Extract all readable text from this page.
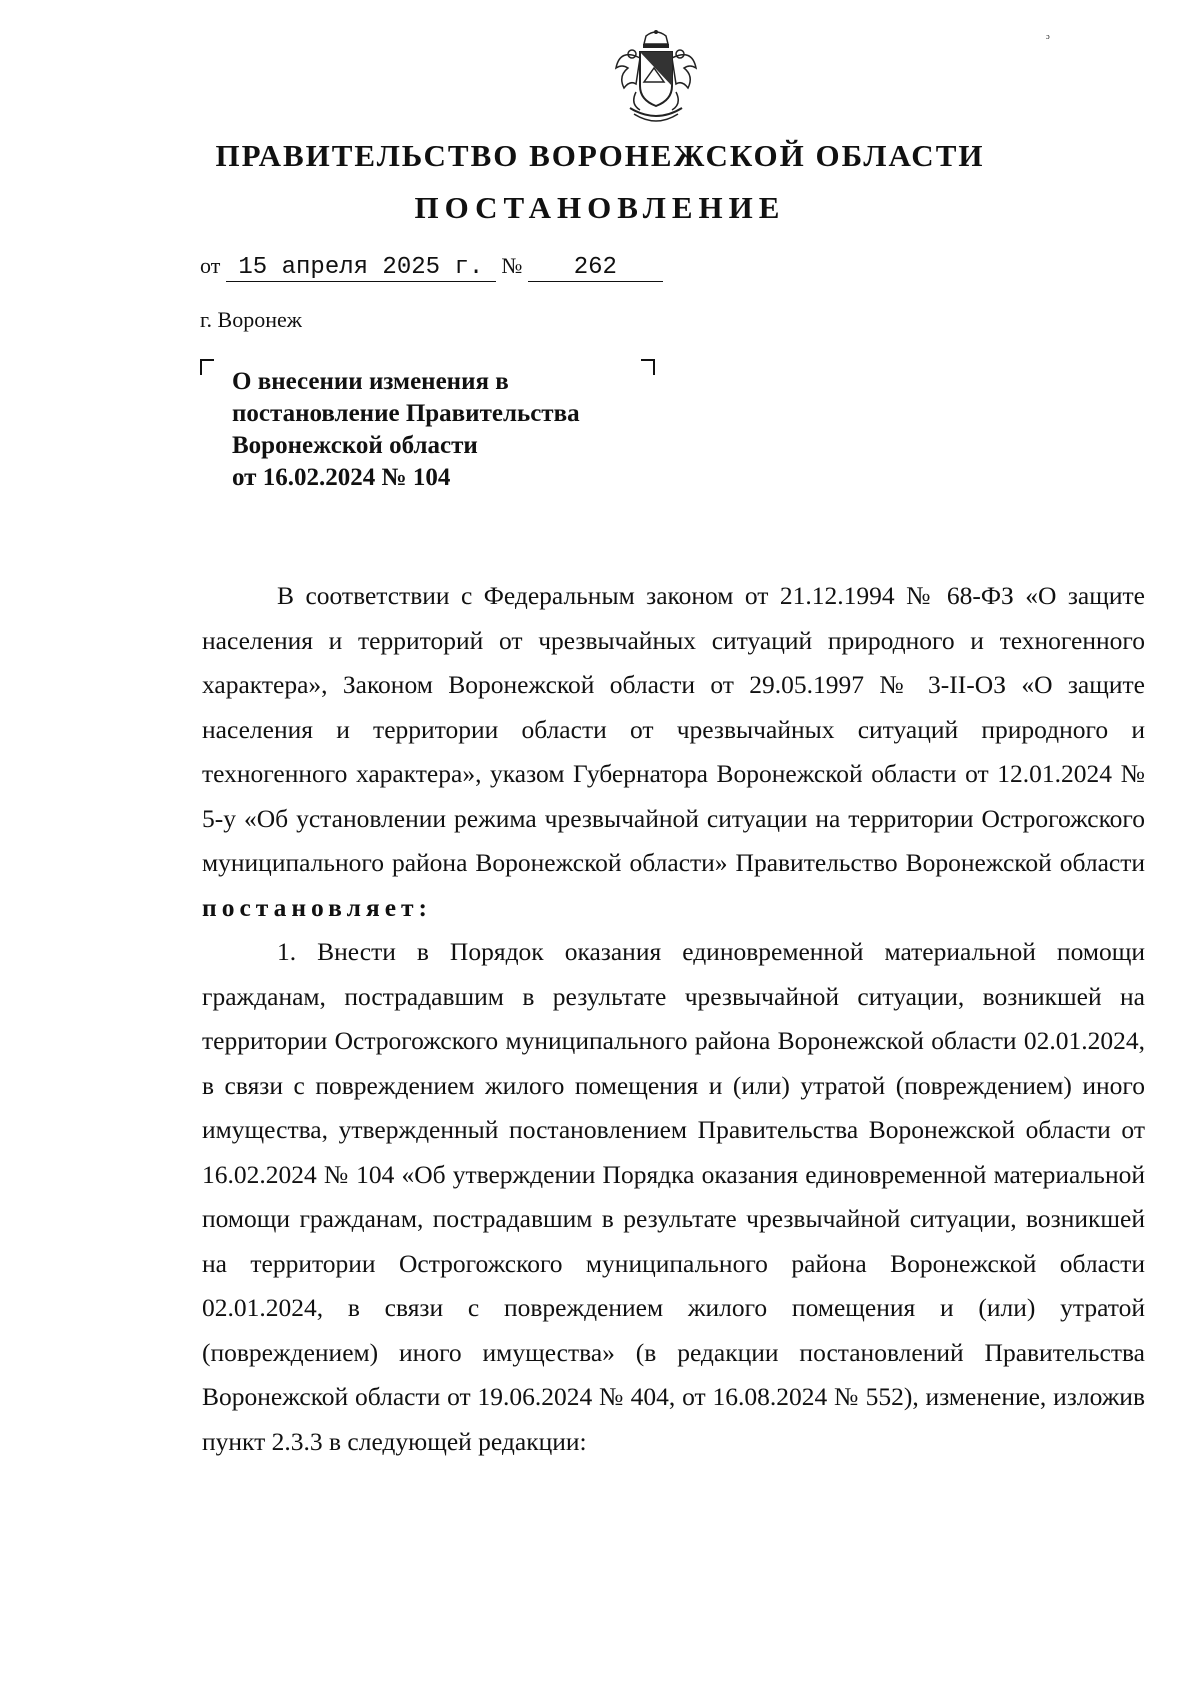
ᵓ
ПРАВИТЕЛЬСТВО ВОРОНЕЖСКОЙ ОБЛАСТИ
ПОСТАНОВЛЕНИЕ
от 15 апреля 2025 г. № 262
г. Воронеж
О внесении изменения в
постановление Правительства
Воронежской области
от 16.02.2024 № 104

В соответствии с Федеральным законом от 21.12.1994 № 68-ФЗ «О защите населения и территорий от чрезвычайных ситуаций природного и техногенного характера», Законом Воронежской области от 29.05.1997 № 3-II-ОЗ «О защите населения и территории области от чрезвычайных ситуаций природного и техногенного характера», указом Губернатора Воронежской области от 12.01.2024 № 5-у «Об установлении режима чрезвычайной ситуации на территории Острогожского муниципального района Воронежской области» Правительство Воронежской области постановляет:

1. Внести в Порядок оказания единовременной материальной помощи гражданам, пострадавшим в результате чрезвычайной ситуации, возникшей на территории Острогожского муниципального района Воронежской области 02.01.2024, в связи с повреждением жилого помещения и (или) утратой (повреждением) иного имущества, утвержденный постановлением Правительства Воронежской области от 16.02.2024 № 104 «Об утверждении Порядка оказания единовременной материальной помощи гражданам, пострадавшим в результате чрезвычайной ситуации, возникшей на территории Острогожского муниципального района Воронежской области 02.01.2024, в связи с повреждением жилого помещения и (или) утратой (повреждением) иного имущества» (в редакции постановлений Правительства Воронежской области от 19.06.2024 № 404, от 16.08.2024 № 552), изменение, изложив пункт 2.3.3 в следующей редакции:
